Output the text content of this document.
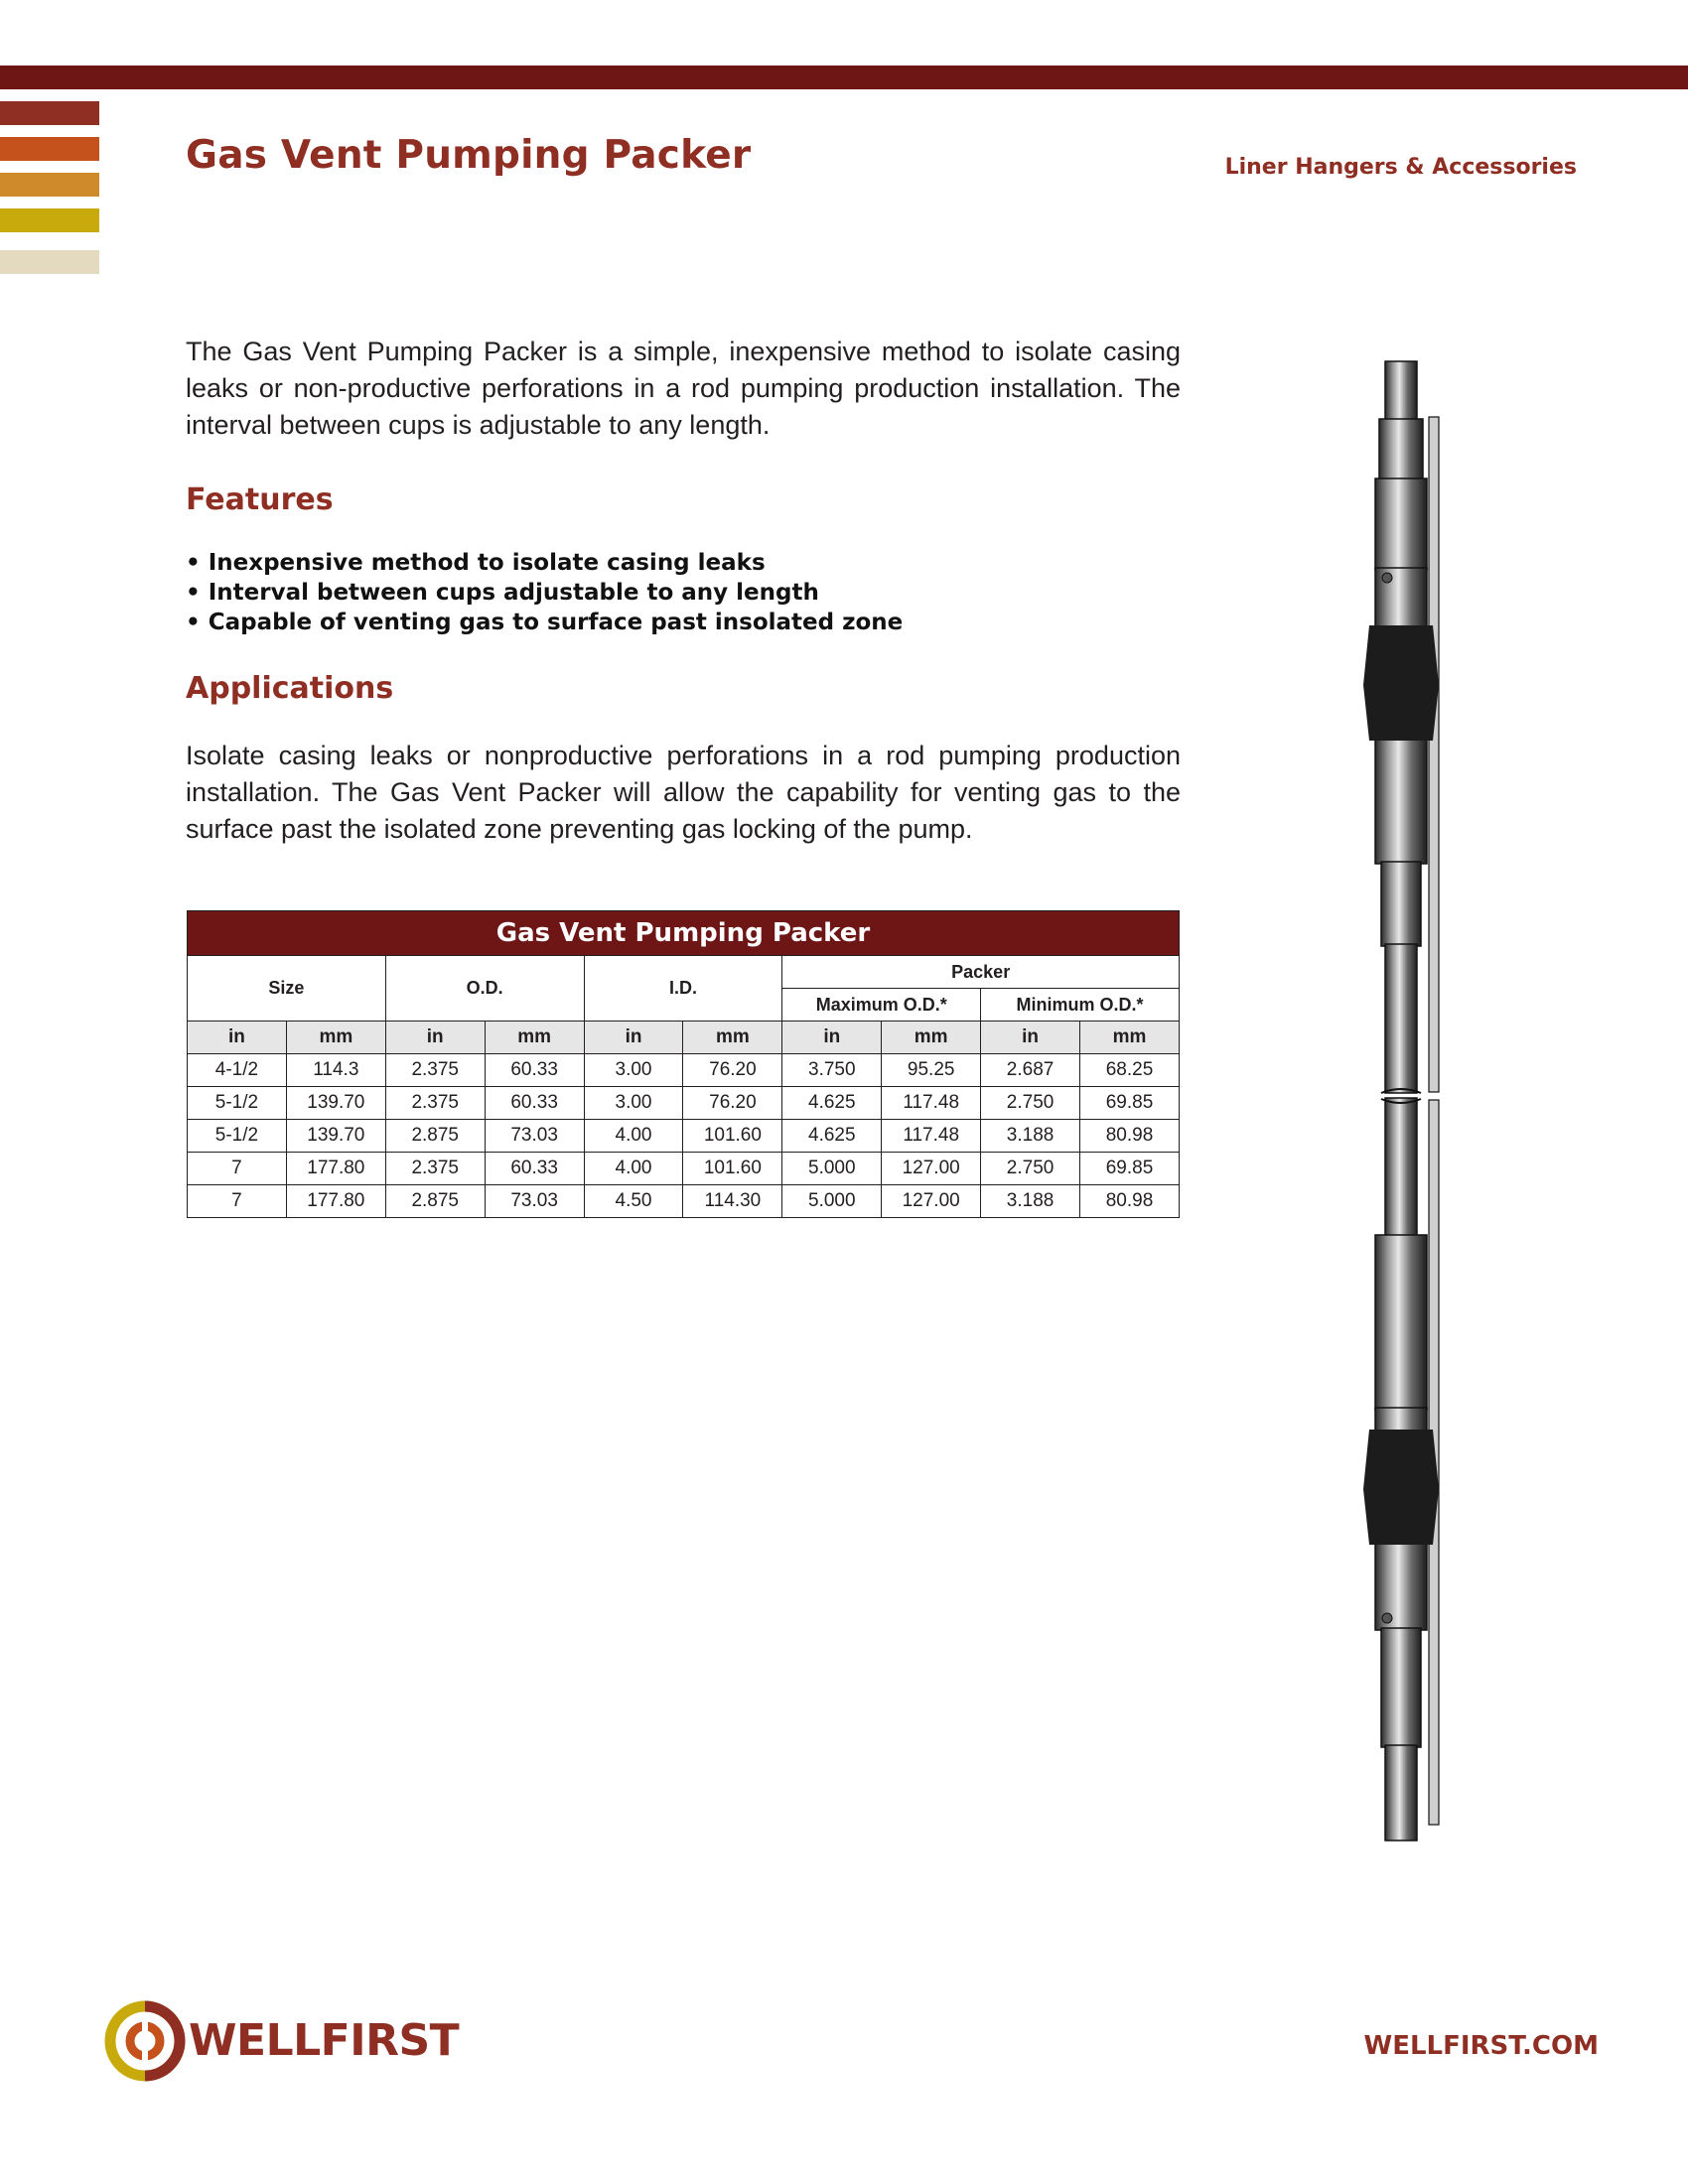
Gas Vent Pumping Packer	Liner Hangers & Accessories

The Gas Vent Pumping Packer is a simple, inexpensive method to isolate casing leaks or non-productive perforations in a rod pumping production installation. The interval between cups is adjustable to any length.

Features
• Inexpensive method to isolate casing leaks
• Interval between cups adjustable to any length
• Capable of venting gas to surface past insolated zone
Applications

Isolate casing leaks or nonproductive perforations in a rod pumping production installation. The Gas Vent Packer will allow the capability for venting gas to the surface past the isolated zone preventing gas locking of the pump.

Gas Vent Pumping Packer									
Size		O.D.		I.D.		Packer			
						Maximum O.D.*		Minimum O.D.*	
in	mm	in	mm	in	mm	in	mm	in	mm
4-1/2	114.3	2.375	60.33	3.00	76.20	3.750	95.25	2.687	68.25
5-1/2	139.70	2.375	60.33	3.00	76.20	4.625	117.48	2.750	69.85
5-1/2	139.70	2.875	73.03	4.00	101.60	4.625	117.48	3.188	80.98
7	177.80	2.375	60.33	4.00	101.60	5.000	127.00	2.750	69.85
7	177.80	2.875	73.03	4.50	114.30	5.000	127.00	3.188	80.98
WELLFIRST	WELLFIRST.COM
